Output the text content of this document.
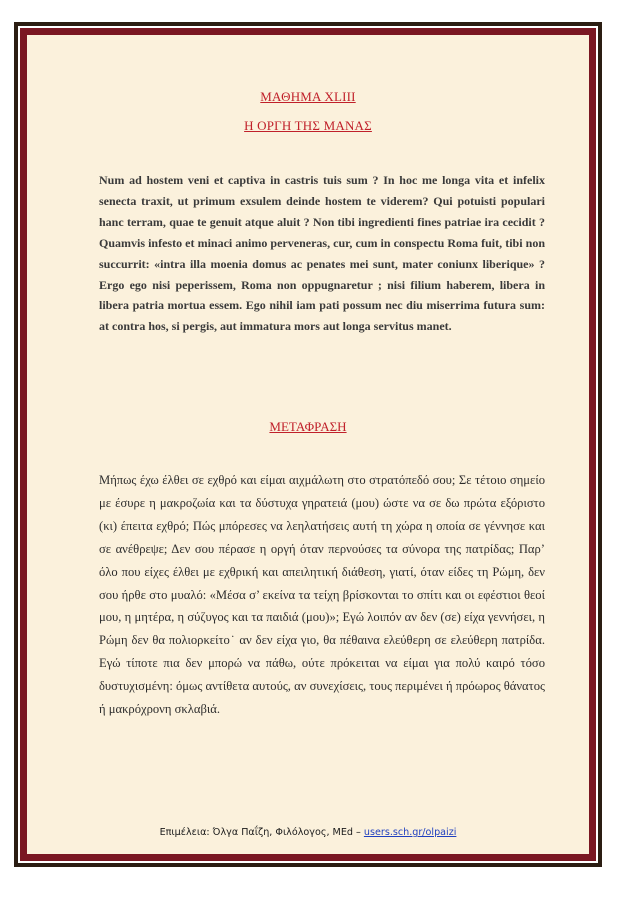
ΜΑΘΗΜΑ XLIII
Η ΟΡΓΗ ΤΗΣ ΜΑΝΑΣ

Num ad hostem veni et captiva in castris tuis sum ? In hoc me longa vita et infelix senecta traxit, ut primum exsulem deinde hostem te viderem? Qui potuisti populari hanc terram, quae te genuit atque aluit ? Non tibi ingredienti fines patriae ira cecidit ? Quamvis infesto et minaci animo perveneras, cur, cum in conspectu Roma fuit, tibi non succurrit: «intra illa moenia domus ac penates mei sunt, mater coniunx liberique» ? Ergo ego nisi peperissem, Roma non oppugnaretur ; nisi filium haberem, libera in libera patria mortua essem. Ego nihil iam pati possum nec diu miserrima futura sum: at contra hos, si pergis, aut immatura mors aut longa servitus manet.

ΜΕΤΑΦΡΑΣΗ

Μήπως έχω έλθει σε εχθρό και είμαι αιχμάλωτη στο στρατόπεδό σου; Σε τέτοιο σημείο με έσυρε η μακροζωία και τα δύστυχα γηρατειά (μου) ώστε να σε δω πρώτα εξόριστο (κι) έπειτα εχθρό; Πώς μπόρεσες να λεηλατήσεις αυτή τη χώρα η οποία σε γέννησε και σε ανέθρεψε; Δεν σου πέρασε η οργή όταν περνούσες τα σύνορα της πατρίδας; Παρ’ όλο που είχες έλθει με εχθρική και απειλητική διάθεση, γιατί, όταν είδες τη Ρώμη, δεν σου ήρθε στο μυαλό: «Μέσα σ’ εκείνα τα τείχη βρίσκονται το σπίτι και οι εφέστιοι θεοί μου, η μητέρα, η σύζυγος και τα παιδιά (μου)»; Εγώ λοιπόν αν δεν (σε) είχα γεννήσει, η Ρώμη δεν θα πολιορκείτο˙ αν δεν είχα γιο, θα πέθαινα ελεύθερη σε ελεύθερη πατρίδα. Εγώ τίποτε πια δεν μπορώ να πάθω, ούτε πρόκειται να είμαι για πολύ καιρό τόσο δυστυχισμένη: όμως αντίθετα αυτούς, αν συνεχίσεις, τους περιμένει ή πρόωρος θάνατος ή μακρόχρονη σκλαβιά.

Επιμέλεια: Όλγα Παΐζη, Φιλόλογος, MEd – users.sch.gr/olpaizi
